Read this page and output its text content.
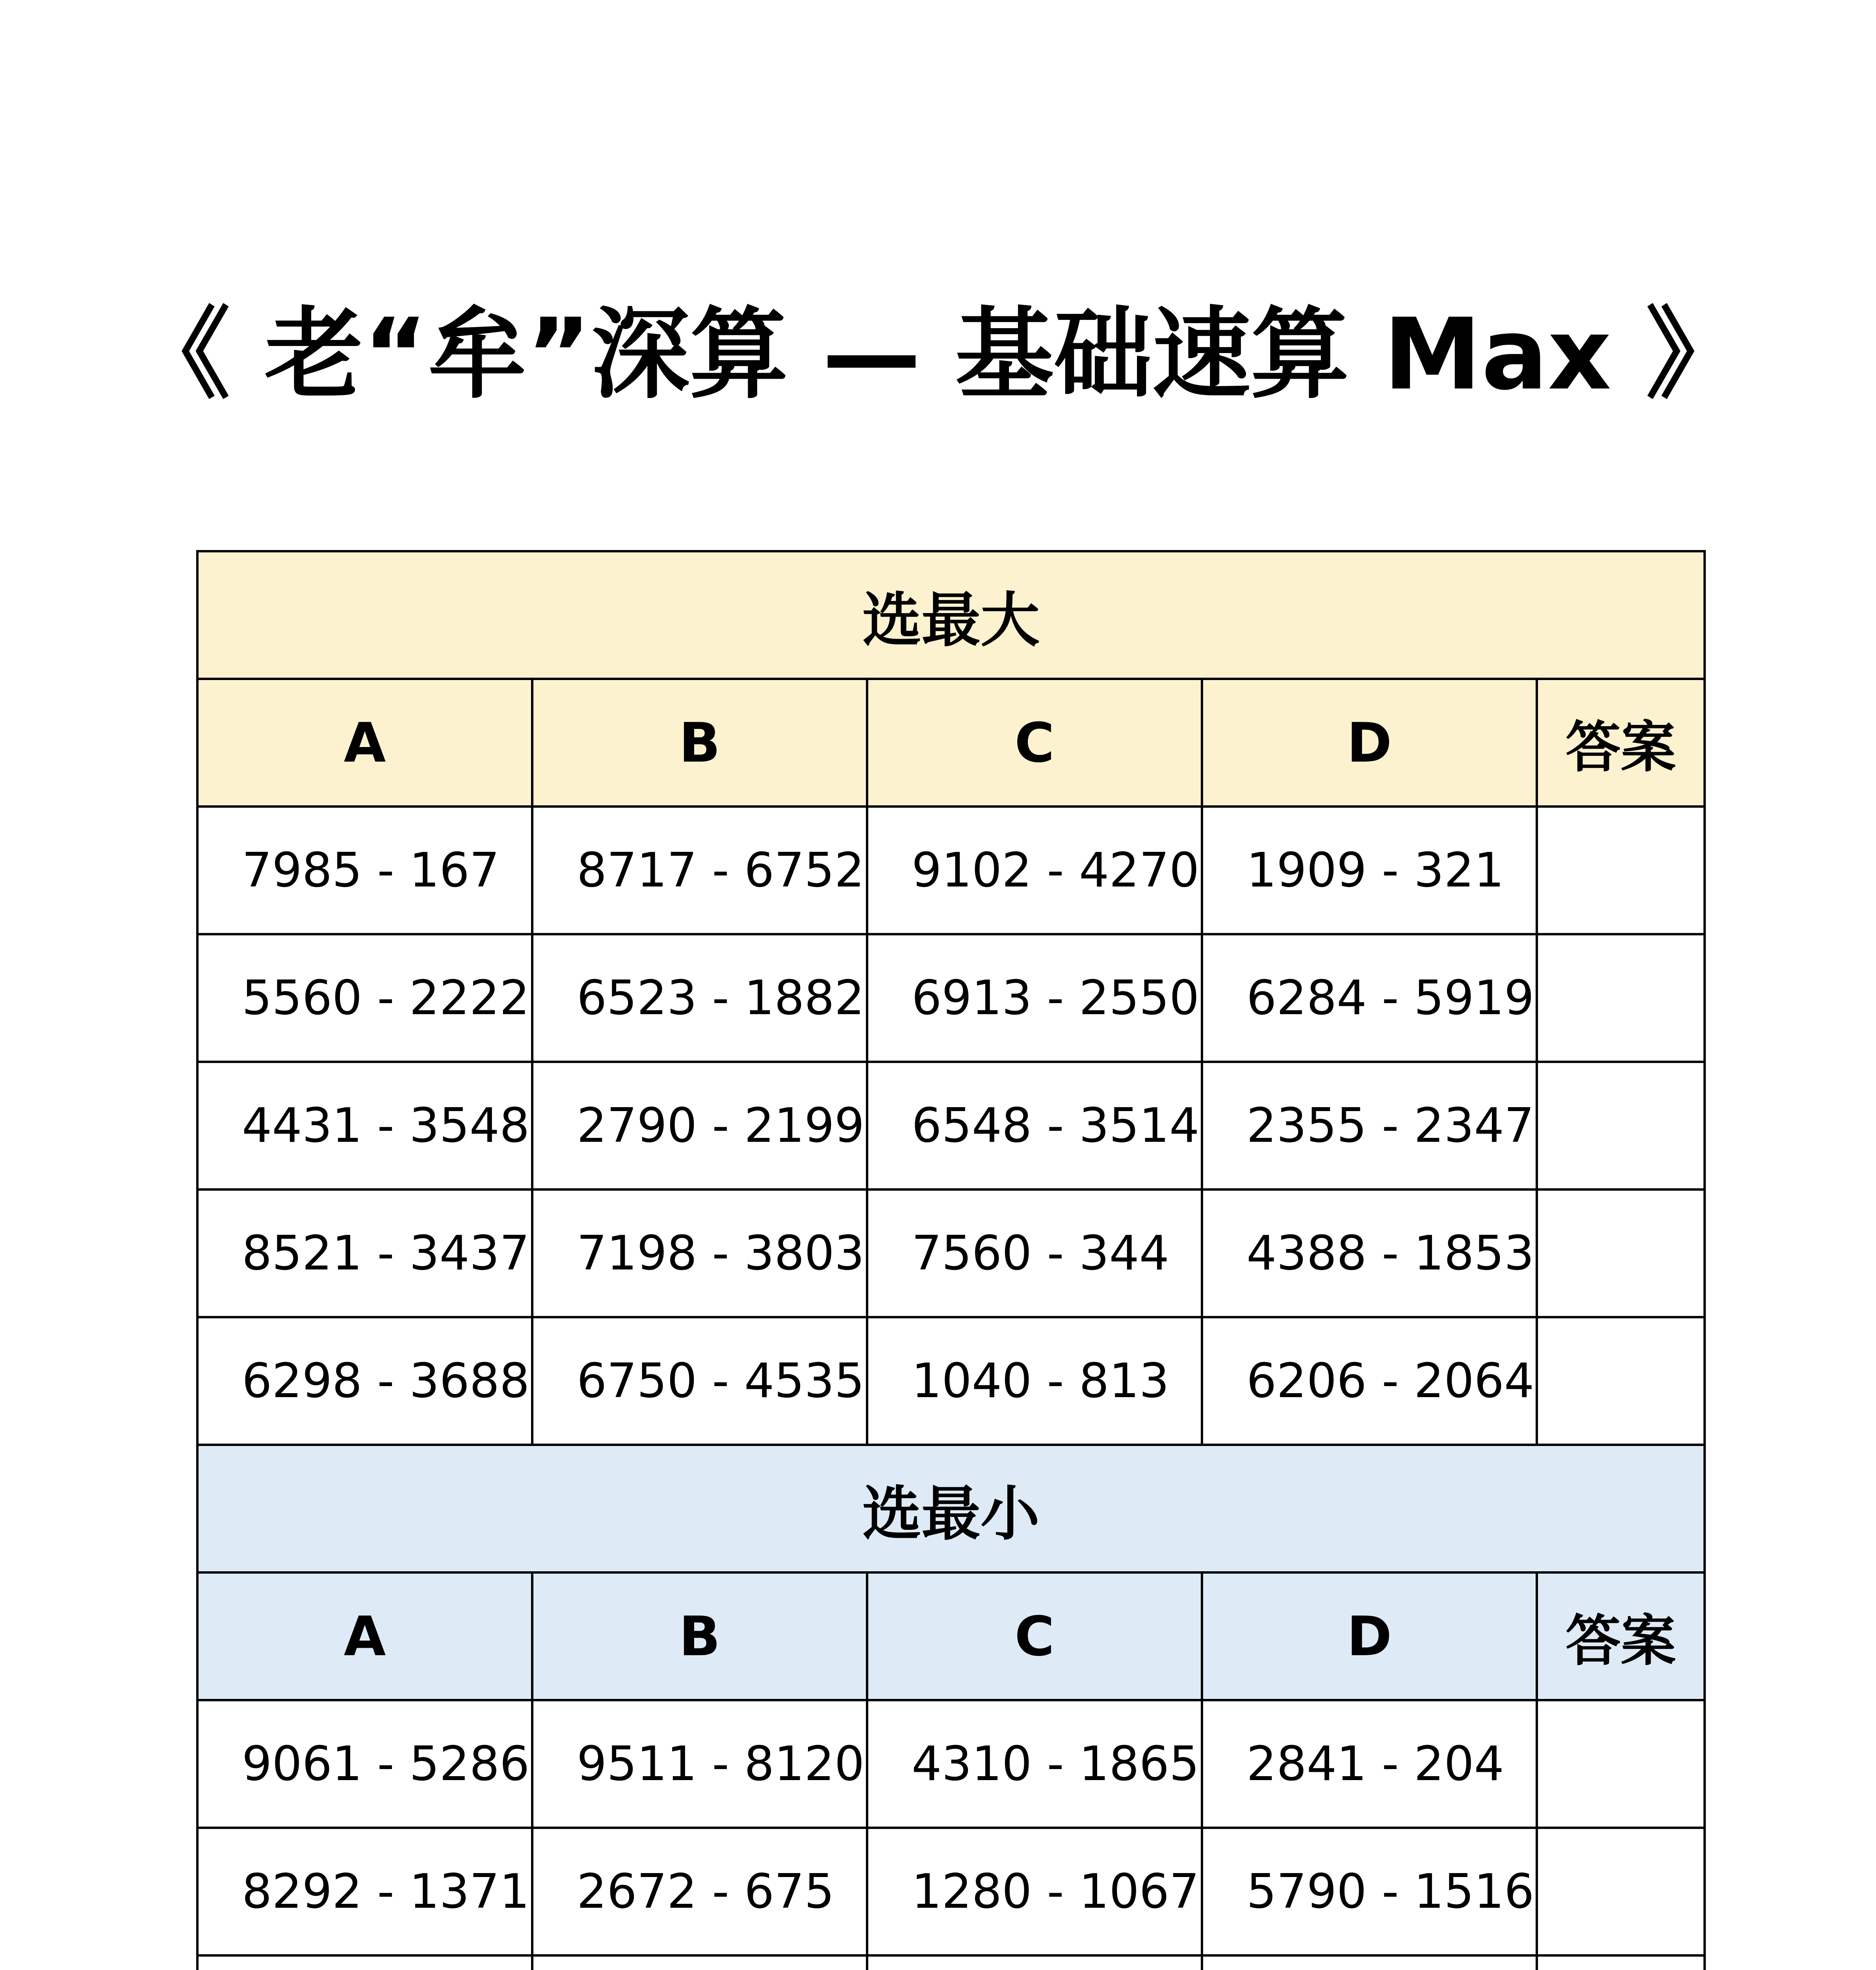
《 老“牟”深算 — 基础速算 Max 》
选最大				
A	B	C	D	答案
7985 - 167	8717 - 6752	9102 - 4270	1909 - 321	
5560 - 2222	6523 - 1882	6913 - 2550	6284 - 5919	
4431 - 3548	2790 - 2199	6548 - 3514	2355 - 2347	
8521 - 3437	7198 - 3803	7560 - 344	4388 - 1853	
6298 - 3688	6750 - 4535	1040 - 813	6206 - 2064	
选最小				
A	B	C	D	答案
9061 - 5286	9511 - 8120	4310 - 1865	2841 - 204	
8292 - 1371	2672 - 675	1280 - 1067	5790 - 1516	
